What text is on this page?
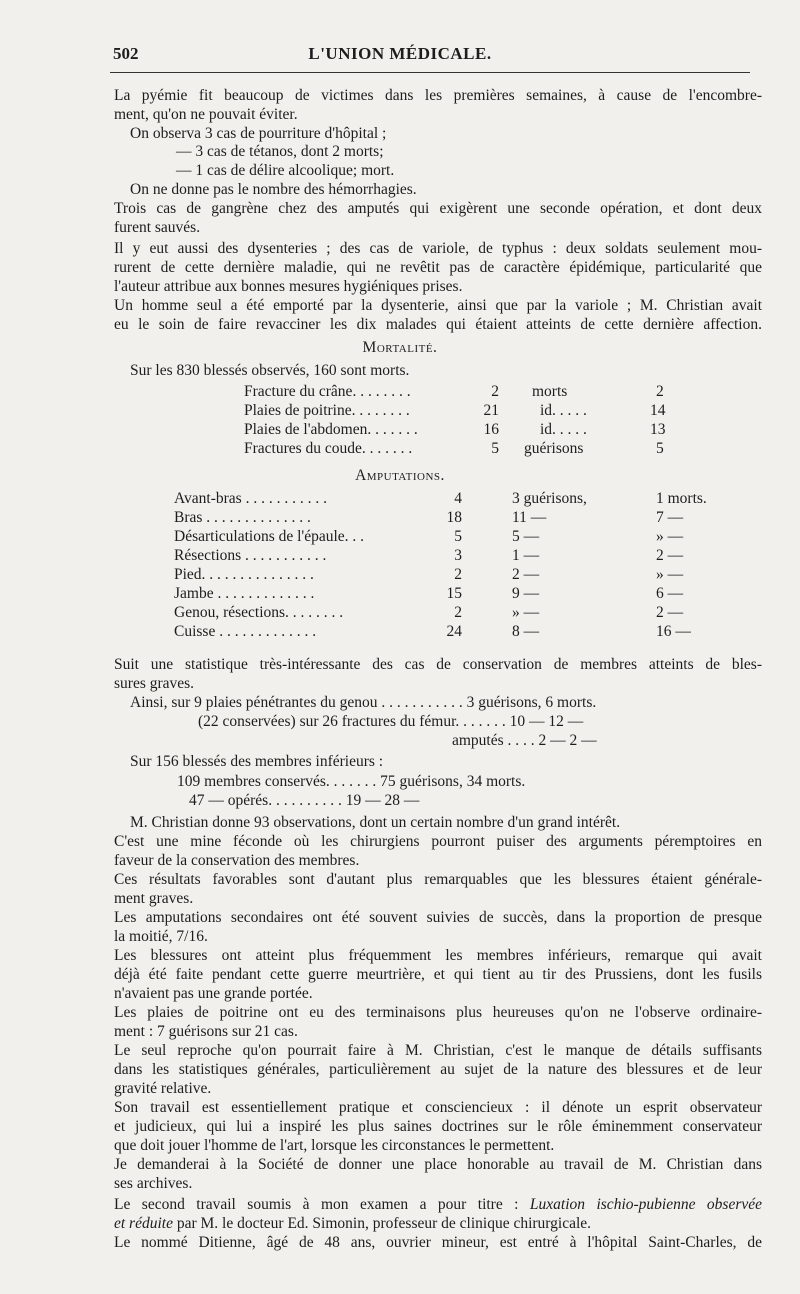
502	L'UNION MÉDICALE.
La pyémie fit beaucoup de victimes dans les premières semaines, à cause de l'encombre-
ment, qu'on ne pouvait éviter.
On observa 3 cas de pourriture d'hôpital ;
— 3 cas de tétanos, dont 2 morts;
— 1 cas de délire alcoolique; mort.
On ne donne pas le nombre des hémorrhagies.
Trois cas de gangrène chez des amputés qui exigèrent une seconde opération, et dont deux
furent sauvés.
Il y eut aussi des dysenteries ; des cas de variole, de typhus : deux soldats seulement mou-
rurent de cette dernière maladie, qui ne revêtit pas de caractère épidémique, particularité que
l'auteur attribue aux bonnes mesures hygiéniques prises.
Un homme seul a été emporté par la dysenterie, ainsi que par la variole ; M. Christian avait
eu le soin de faire revacciner les dix malades qui étaient atteints de cette dernière affection.
Mortalité.
Sur les 830 blessés observés, 160 sont morts.
Fracture du crâne. . . . . . . .	2 morts	2
Plaies de poitrine. . . . . . . .	21	id. . . . .	14
Plaies de l'abdomen. . . . . . .	16	id. . . . .	13
Fractures du coude. . . . . . .	5 guérisons	5
Amputations.
Avant-bras . . . . . . . . . . .	4	3 guérisons,	1 morts.
Bras . . . . . . . . . . . . . .	18	11 —	7 —
Désarticulations de l'épaule. . .	5	5 —	» —
Résections . . . . . . . . . . .	3	1 —	2 —
Pied. . . . . . . . . . . . . . .	2	2 —	» —
Jambe . . . . . . . . . . . . .	15	9 —	6 —
Genou, résections. . . . . . . .	2	» —	2 —
Cuisse . . . . . . . . . . . . .	24	8 —	16 —
Suit une statistique très-intéressante des cas de conservation de membres atteints de bles-
sures graves.
Ainsi, sur 9 plaies pénétrantes du genou . . . . . . . . . . . 3 guérisons, 6 morts.
(22 conservées) sur 26 fractures du fémur. . . . . . . 10 — 12 —
amputés . . . . 2 — 2 —
Sur 156 blessés des membres inférieurs :
109 membres conservés. . . . . . . 75 guérisons, 34 morts.
47 — opérés. . . . . . . . . . 19 — 28 —
M. Christian donne 93 observations, dont un certain nombre d'un grand intérêt.
C'est une mine féconde où les chirurgiens pourront puiser des arguments péremptoires en
faveur de la conservation des membres.
Ces résultats favorables sont d'autant plus remarquables que les blessures étaient générale-
ment graves.
Les amputations secondaires ont été souvent suivies de succès, dans la proportion de presque
la moitié, 7/16.
Les blessures ont atteint plus fréquemment les membres inférieurs, remarque qui avait
déjà été faite pendant cette guerre meurtrière, et qui tient au tir des Prussiens, dont les fusils
n'avaient pas une grande portée.
Les plaies de poitrine ont eu des terminaisons plus heureuses qu'on ne l'observe ordinaire-
ment : 7 guérisons sur 21 cas.
Le seul reproche qu'on pourrait faire à M. Christian, c'est le manque de détails suffisants
dans les statistiques générales, particulièrement au sujet de la nature des blessures et de leur
gravité relative.
Son travail est essentiellement pratique et consciencieux : il dénote un esprit observateur
et judicieux, qui lui a inspiré les plus saines doctrines sur le rôle éminemment conservateur
que doit jouer l'homme de l'art, lorsque les circonstances le permettent.
Je demanderai à la Société de donner une place honorable au travail de M. Christian dans
ses archives.
Le second travail soumis à mon examen a pour titre : Luxation ischio-pubienne observée
et réduite par M. le docteur Ed. Simonin, professeur de clinique chirurgicale.
Le nommé Ditienne, âgé de 48 ans, ouvrier mineur, est entré à l'hôpital Saint-Charles, de
